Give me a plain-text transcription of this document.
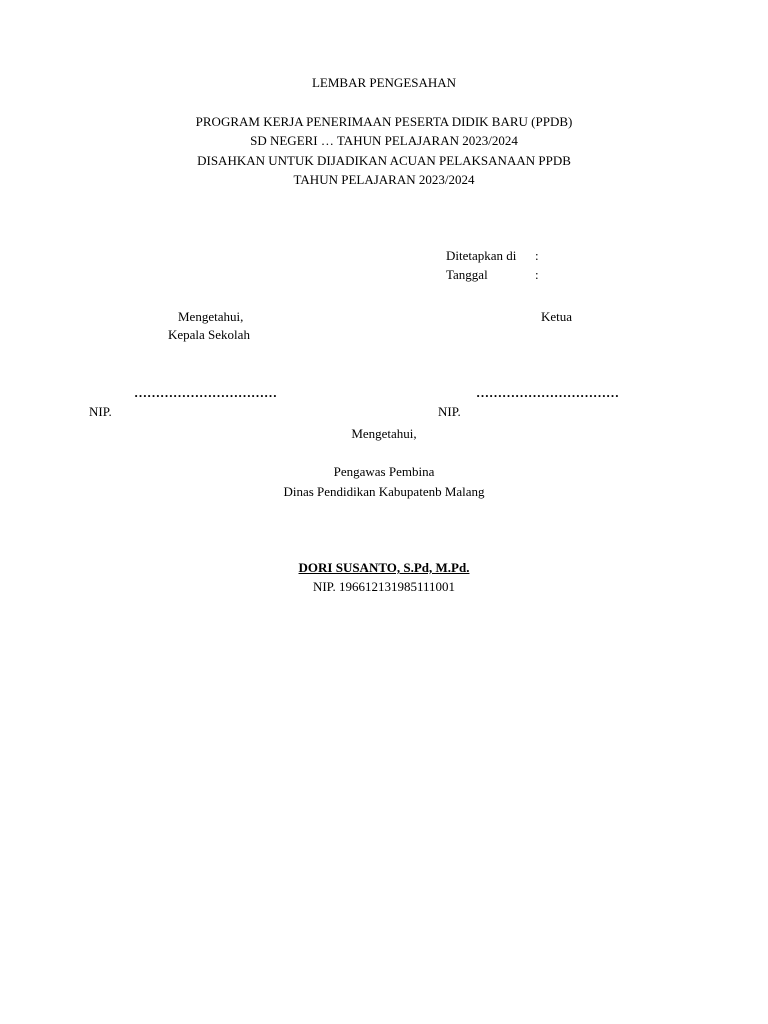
LEMBAR PENGESAHAN
PROGRAM KERJA PENERIMAAN PESERTA DIDIK BARU (PPDB)
SD NEGERI … TAHUN PELAJARAN 2023/2024
DISAHKAN UNTUK DIJADIKAN ACUAN PELAKSANAAN PPDB
TAHUN PELAJARAN 2023/2024
Ditetapkan di	:
Tanggal	:
Mengetahui,
Kepala Sekolah
……………………………
NIP.
Ketua
……………………………
NIP.
Mengetahui,
Pengawas Pembina
Dinas Pendidikan Kabupatenb Malang
DORI SUSANTO, S.Pd, M.Pd.
NIP. 196612131985111001
